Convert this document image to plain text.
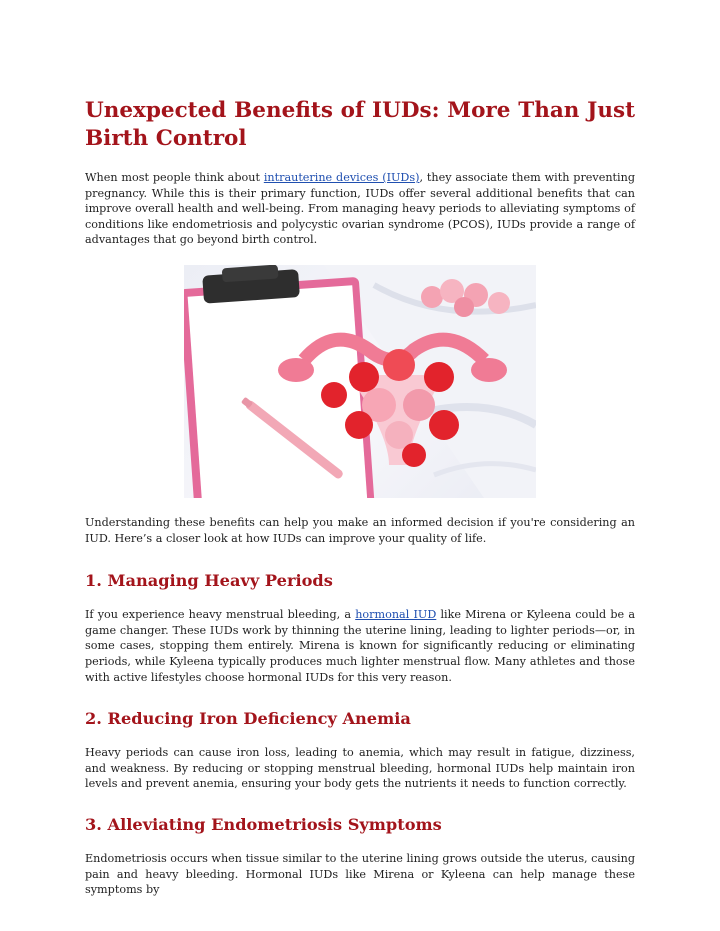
Unexpected Benefits of IUDs: More Than Just Birth Control

When most people think about intrauterine devices (IUDs), they associate them with preventing pregnancy. While this is their primary function, IUDs offer several additional benefits that can improve overall health and well-being. From managing heavy periods to alleviating symptoms of conditions like endometriosis and polycystic ovarian syndrome (PCOS), IUDs provide a range of advantages that go beyond birth control.

Understanding these benefits can help you make an informed decision if you're considering an IUD. Here’s a closer look at how IUDs can improve your quality of life.

1. Managing Heavy Periods

If you experience heavy menstrual bleeding, a hormonal IUD like Mirena or Kyleena could be a game changer. These IUDs work by thinning the uterine lining, leading to lighter periods—or, in some cases, stopping them entirely. Mirena is known for significantly reducing or eliminating periods, while Kyleena typically produces much lighter menstrual flow. Many athletes and those with active lifestyles choose hormonal IUDs for this very reason.

2. Reducing Iron Deficiency Anemia

Heavy periods can cause iron loss, leading to anemia, which may result in fatigue, dizziness, and weakness. By reducing or stopping menstrual bleeding, hormonal IUDs help maintain iron levels and prevent anemia, ensuring your body gets the nutrients it needs to function correctly.

3. Alleviating Endometriosis Symptoms

Endometriosis occurs when tissue similar to the uterine lining grows outside the uterus, causing pain and heavy bleeding. Hormonal IUDs like Mirena or Kyleena can help manage these symptoms by
